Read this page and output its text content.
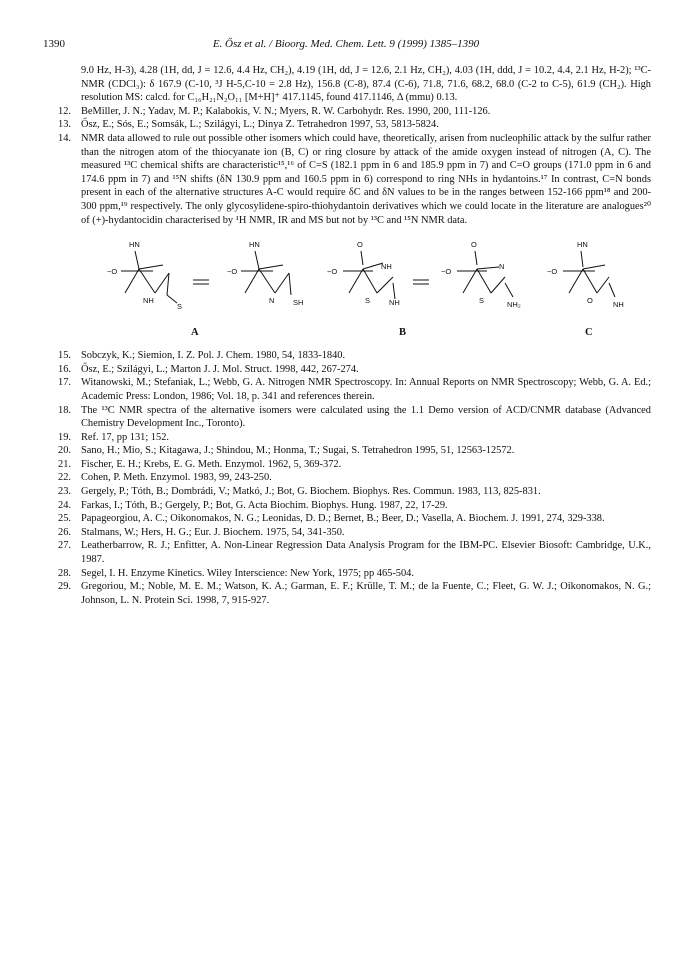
1390	E. Ősz et al. / Bioorg. Med. Chem. Lett. 9 (1999) 1385–1390
9.0 Hz, H-3), 4.28 (1H, dd, J = 12.6, 4.4 Hz, CH₂), 4.19 (1H, dd, J = 12.6, 2.1 Hz, CH₂), 4.03 (1H, ddd, J = 10.2, 4.4, 2.1 Hz, H-2); ¹³C-NMR (CDCl₃): δ 167.9 (C-10, ³J H-5,C-10 = 2.8 Hz), 156.8 (C-8), 87.4 (C-6), 71.8, 71.6, 68.2, 68.0 (C-2 to C-5), 61.9 (CH₂). High resolution MS: calcd. for C₁₆H₂₁N₂O₁₁ [M+H]⁺ 417.1145, found 417.1146, Δ (mmu) 0.13.
12. BeMiller, J. N.; Yadav, M. P.; Kalabokis, V. N.; Myers, R. W. Carbohydr. Res. 1990, 200, 111-126.
13. Ősz, E.; Sós, E.; Somsák, L.; Szilágyi, L.; Dinya Z. Tetrahedron 1997, 53, 5813-5824.
14. NMR data allowed to rule out possible other isomers which could have, theoretically, arisen from nucleophilic attack by the sulfur rather than the nitrogen atom of the thiocyanate ion (B, C) or ring closure by attack of the amide oxygen instead of nitrogen (A, C). The measured ¹³C chemical shifts are characteristic¹⁵,¹⁶ of C=S (182.1 ppm in 6 and 185.9 ppm in 7) and C=O groups (171.0 ppm in 6 and 174.6 ppm in 7) and ¹⁵N shifts (δN 130.9 ppm and 160.5 ppm in 6) correspond to ring NHs in hydantoins.¹⁷ In contrast, C=N bonds present in each of the alternative structures A-C would require δC and δN values to be in the ranges between 152-166 ppm¹⁸ and 200-300 ppm,¹⁹ respectively. The only glycosylidene-spiro-thiohydantoin derivatives which we could locate in the literature are analogues²⁰ of (+)-hydantocidin characterised by ¹H NMR, IR and MS but not by ¹³C and ¹⁵N NMR data.
HN
−O
NH
S
HN
−O
N SH
O
−O
NH
S	NH
O
−O
N
S	NH₂
HN
−O
O	NH
A	B	C
15. Sobczyk, K.; Siemion, I. Z. Pol. J. Chem. 1980, 54, 1833-1840.
16. Ősz, E.; Szilágyi, L.; Marton J. J. Mol. Struct. 1998, 442, 267-274.
17. Witanowski, M.; Stefaniak, L.; Webb, G. A. Nitrogen NMR Spectroscopy. In: Annual Reports on NMR Spectroscopy; Webb, G. A. Ed.; Academic Press: London, 1986; Vol. 18, p. 341 and references therein.
18. The ¹³C NMR spectra of the alternative isomers were calculated using the 1.1 Demo version of ACD/CNMR database (Advanced Chemistry Development Inc., Toronto).
19. Ref. 17, pp 131; 152.
20. Sano, H.; Mio, S.; Kitagawa, J.; Shindou, M.; Honma, T.; Sugai, S. Tetrahedron 1995, 51, 12563-12572.
21. Fischer, E. H.; Krebs, E. G. Meth. Enzymol. 1962, 5, 369-372.
22. Cohen, P. Meth. Enzymol. 1983, 99, 243-250.
23. Gergely, P.; Tóth, B.; Dombrádi, V.; Matkó, J.; Bot, G. Biochem. Biophys. Res. Commun. 1983, 113, 825-831.
24. Farkas, I.; Tóth, B.; Gergely, P.; Bot, G. Acta Biochim. Biophys. Hung. 1987, 22, 17-29.
25. Papageorgiou, A. C.; Oikonomakos, N. G.; Leonidas, D. D.; Bernet, B.; Beer, D.; Vasella, A. Biochem. J. 1991, 274, 329-338.
26. Stalmans, W.; Hers, H. G.; Eur. J. Biochem. 1975, 54, 341-350.
27. Leatherbarrow, R. J.; Enfitter, A. Non-Linear Regression Data Analysis Program for the IBM-PC. Elsevier Biosoft: Cambridge, U.K., 1987.
28. Segel, I. H. Enzyme Kinetics. Wiley Interscience: New York, 1975; pp 465-504.
29. Gregoriou, M.; Noble, M. E. M.; Watson, K. A.; Garman, E. F.; Krülle, T. M.; de la Fuente, C.; Fleet, G. W. J.; Oikonomakos, N. G.; Johnson, L. N. Protein Sci. 1998, 7, 915-927.
